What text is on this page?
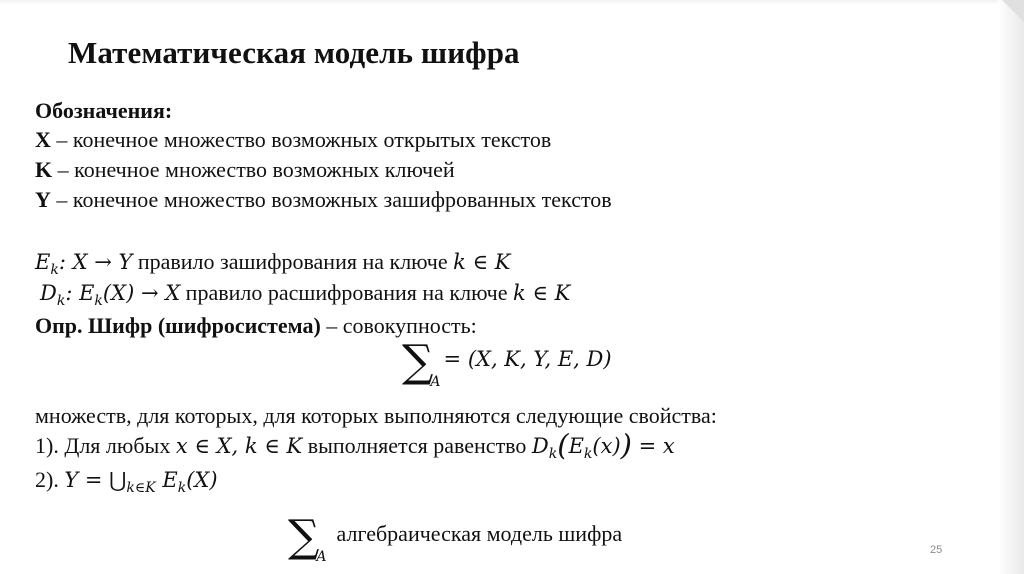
Математическая модель шифра
Обозначения:
X – конечное множество возможных открытых текстов
K – конечное множество возможных ключей
Y – конечное множество возможных зашифрованных текстов
$E_k$: X → Y правило зашифрования на ключе k ∈ K
$D_k$: $E_k(X) \to X$ правило расшифрования на ключе k ∈ K
Опр. Шифр (шифросистема) – совокупность:
∑A= (X, K, Y, E, D)
множеств, для которых, для которых выполняются следующие свойства:
1). Для любых x ∈ X, k ∈ K выполняется равенство $D_k(E_k(x)) = x$
2). $Y = ⋃_{k\in K}$ $E_k(X)$
∑Aалгебраическая модель шифра
25
